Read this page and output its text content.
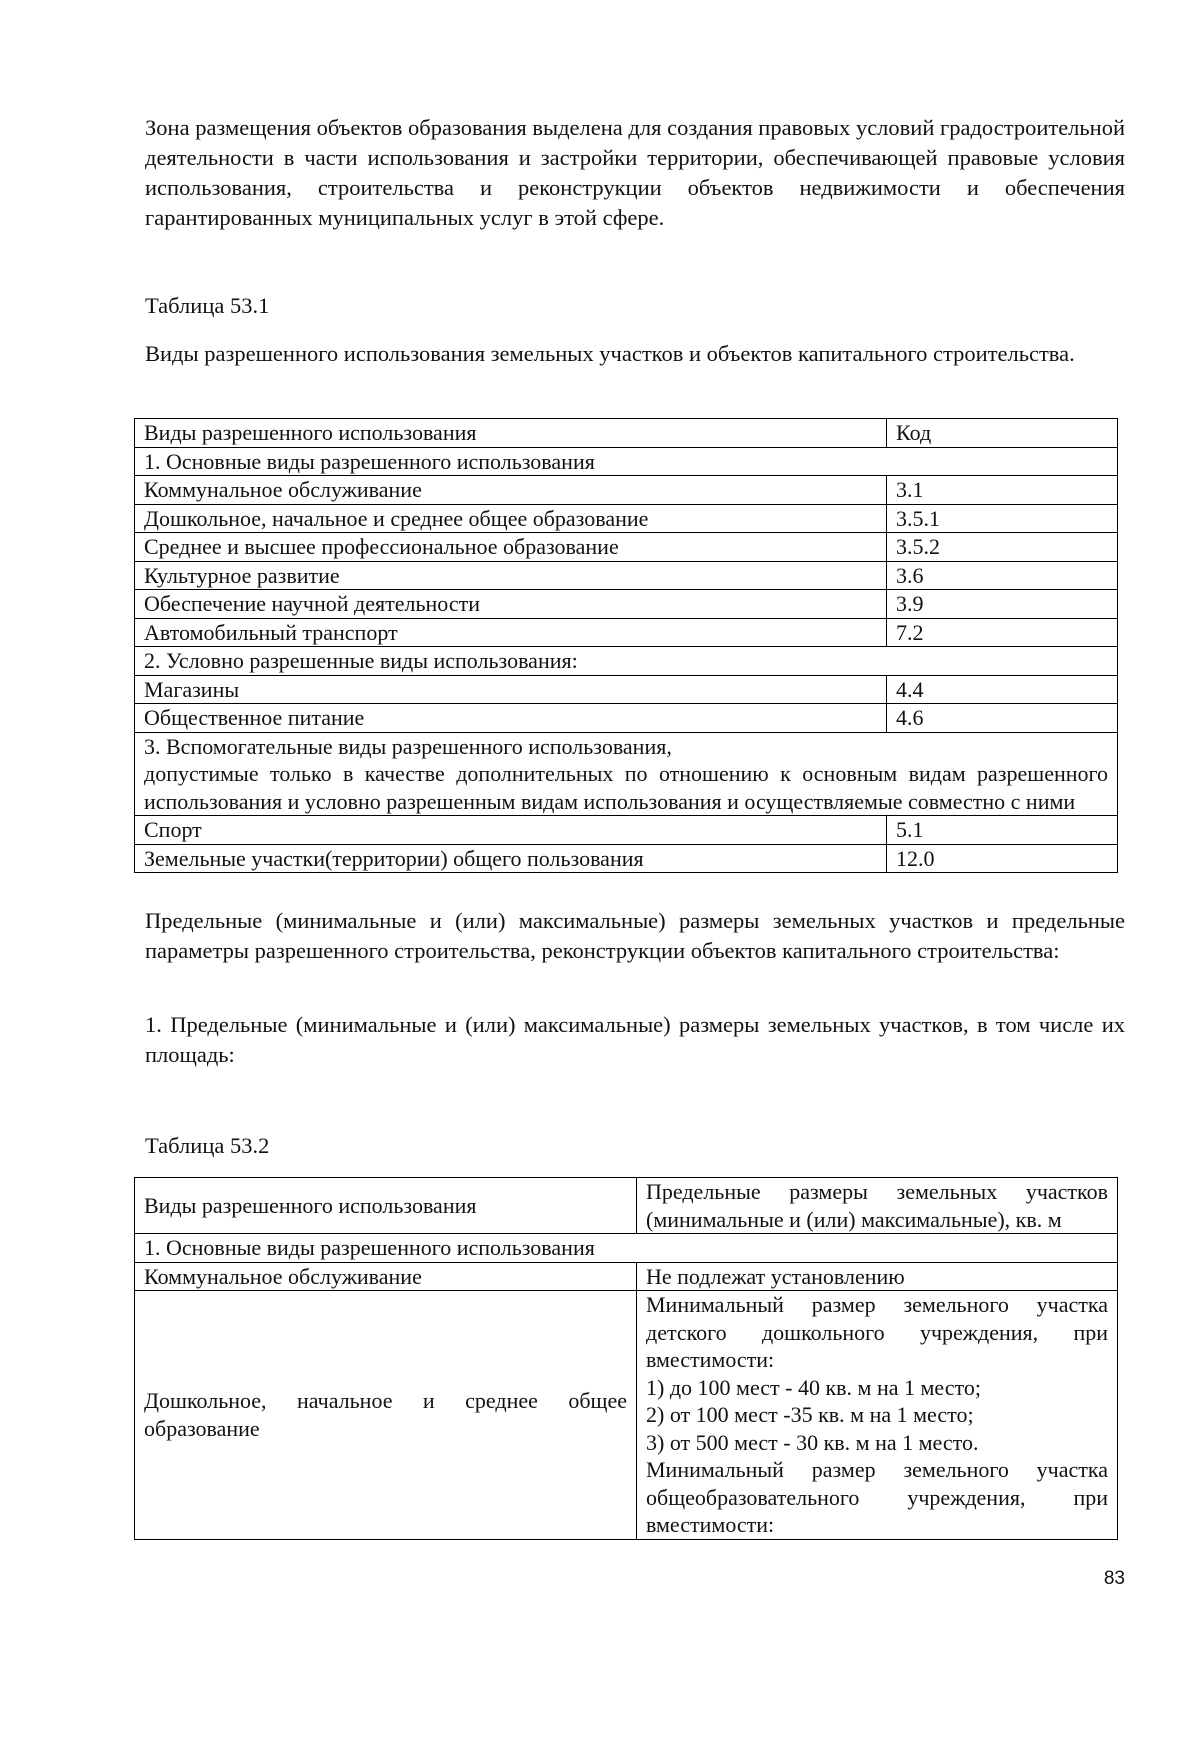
Зона размещения объектов образования выделена для создания правовых условий градостроительной деятельности в части использования и застройки территории, обеспечивающей правовые условия использования, строительства и реконструкции объектов недвижимости и обеспечения гарантированных муниципальных услуг в этой сфере.

Таблица 53.1

Виды разрешенного использования земельных участков и объектов капитального строительства.

Виды разрешенного использования	Код
1. Основные виды разрешенного использования	
Коммунальное обслуживание	3.1
Дошкольное, начальное и среднее общее образование	3.5.1
Среднее и высшее профессиональное образование	3.5.2
Культурное развитие	3.6
Обеспечение научной деятельности	3.9
Автомобильный транспорт	7.2
2. Условно разрешенные виды использования:	
Магазины	4.4
Общественное питание	4.6

3. Вспомогательные виды разрешенного использования,
допустимые только в качестве дополнительных по отношению к основным видам разрешенного использования и условно разрешенным видам использования и осуществляемые совместно с ними	

Спорт	5.1
Земельные участки(территории) общего пользования	12.0

Предельные (минимальные и (или) максимальные) размеры земельных участков и предельные параметры разрешенного строительства, реконструкции объектов капитального строительства:

1. Предельные (минимальные и (или) максимальные) размеры земельных участков, в том числе их площадь:

Таблица 53.2

Виды разрешенного использования	Предельные размеры земельных участков (минимальные и (или) максимальные), кв. м
1. Основные виды разрешенного использования	
Коммунальное обслуживание	Не подлежат установлению
Дошкольное, начальное и среднее общее образование	Минимальный размер земельного участка детского дошкольного учреждения, при вместимости:
1) до 100 мест - 40 кв. м на 1 место;
2) от 100 мест -35 кв. м на 1 место;
3) от 500 мест - 30 кв. м на 1 место.
Минимальный размер земельного участка общеобразовательного учреждения, при вместимости:
83
